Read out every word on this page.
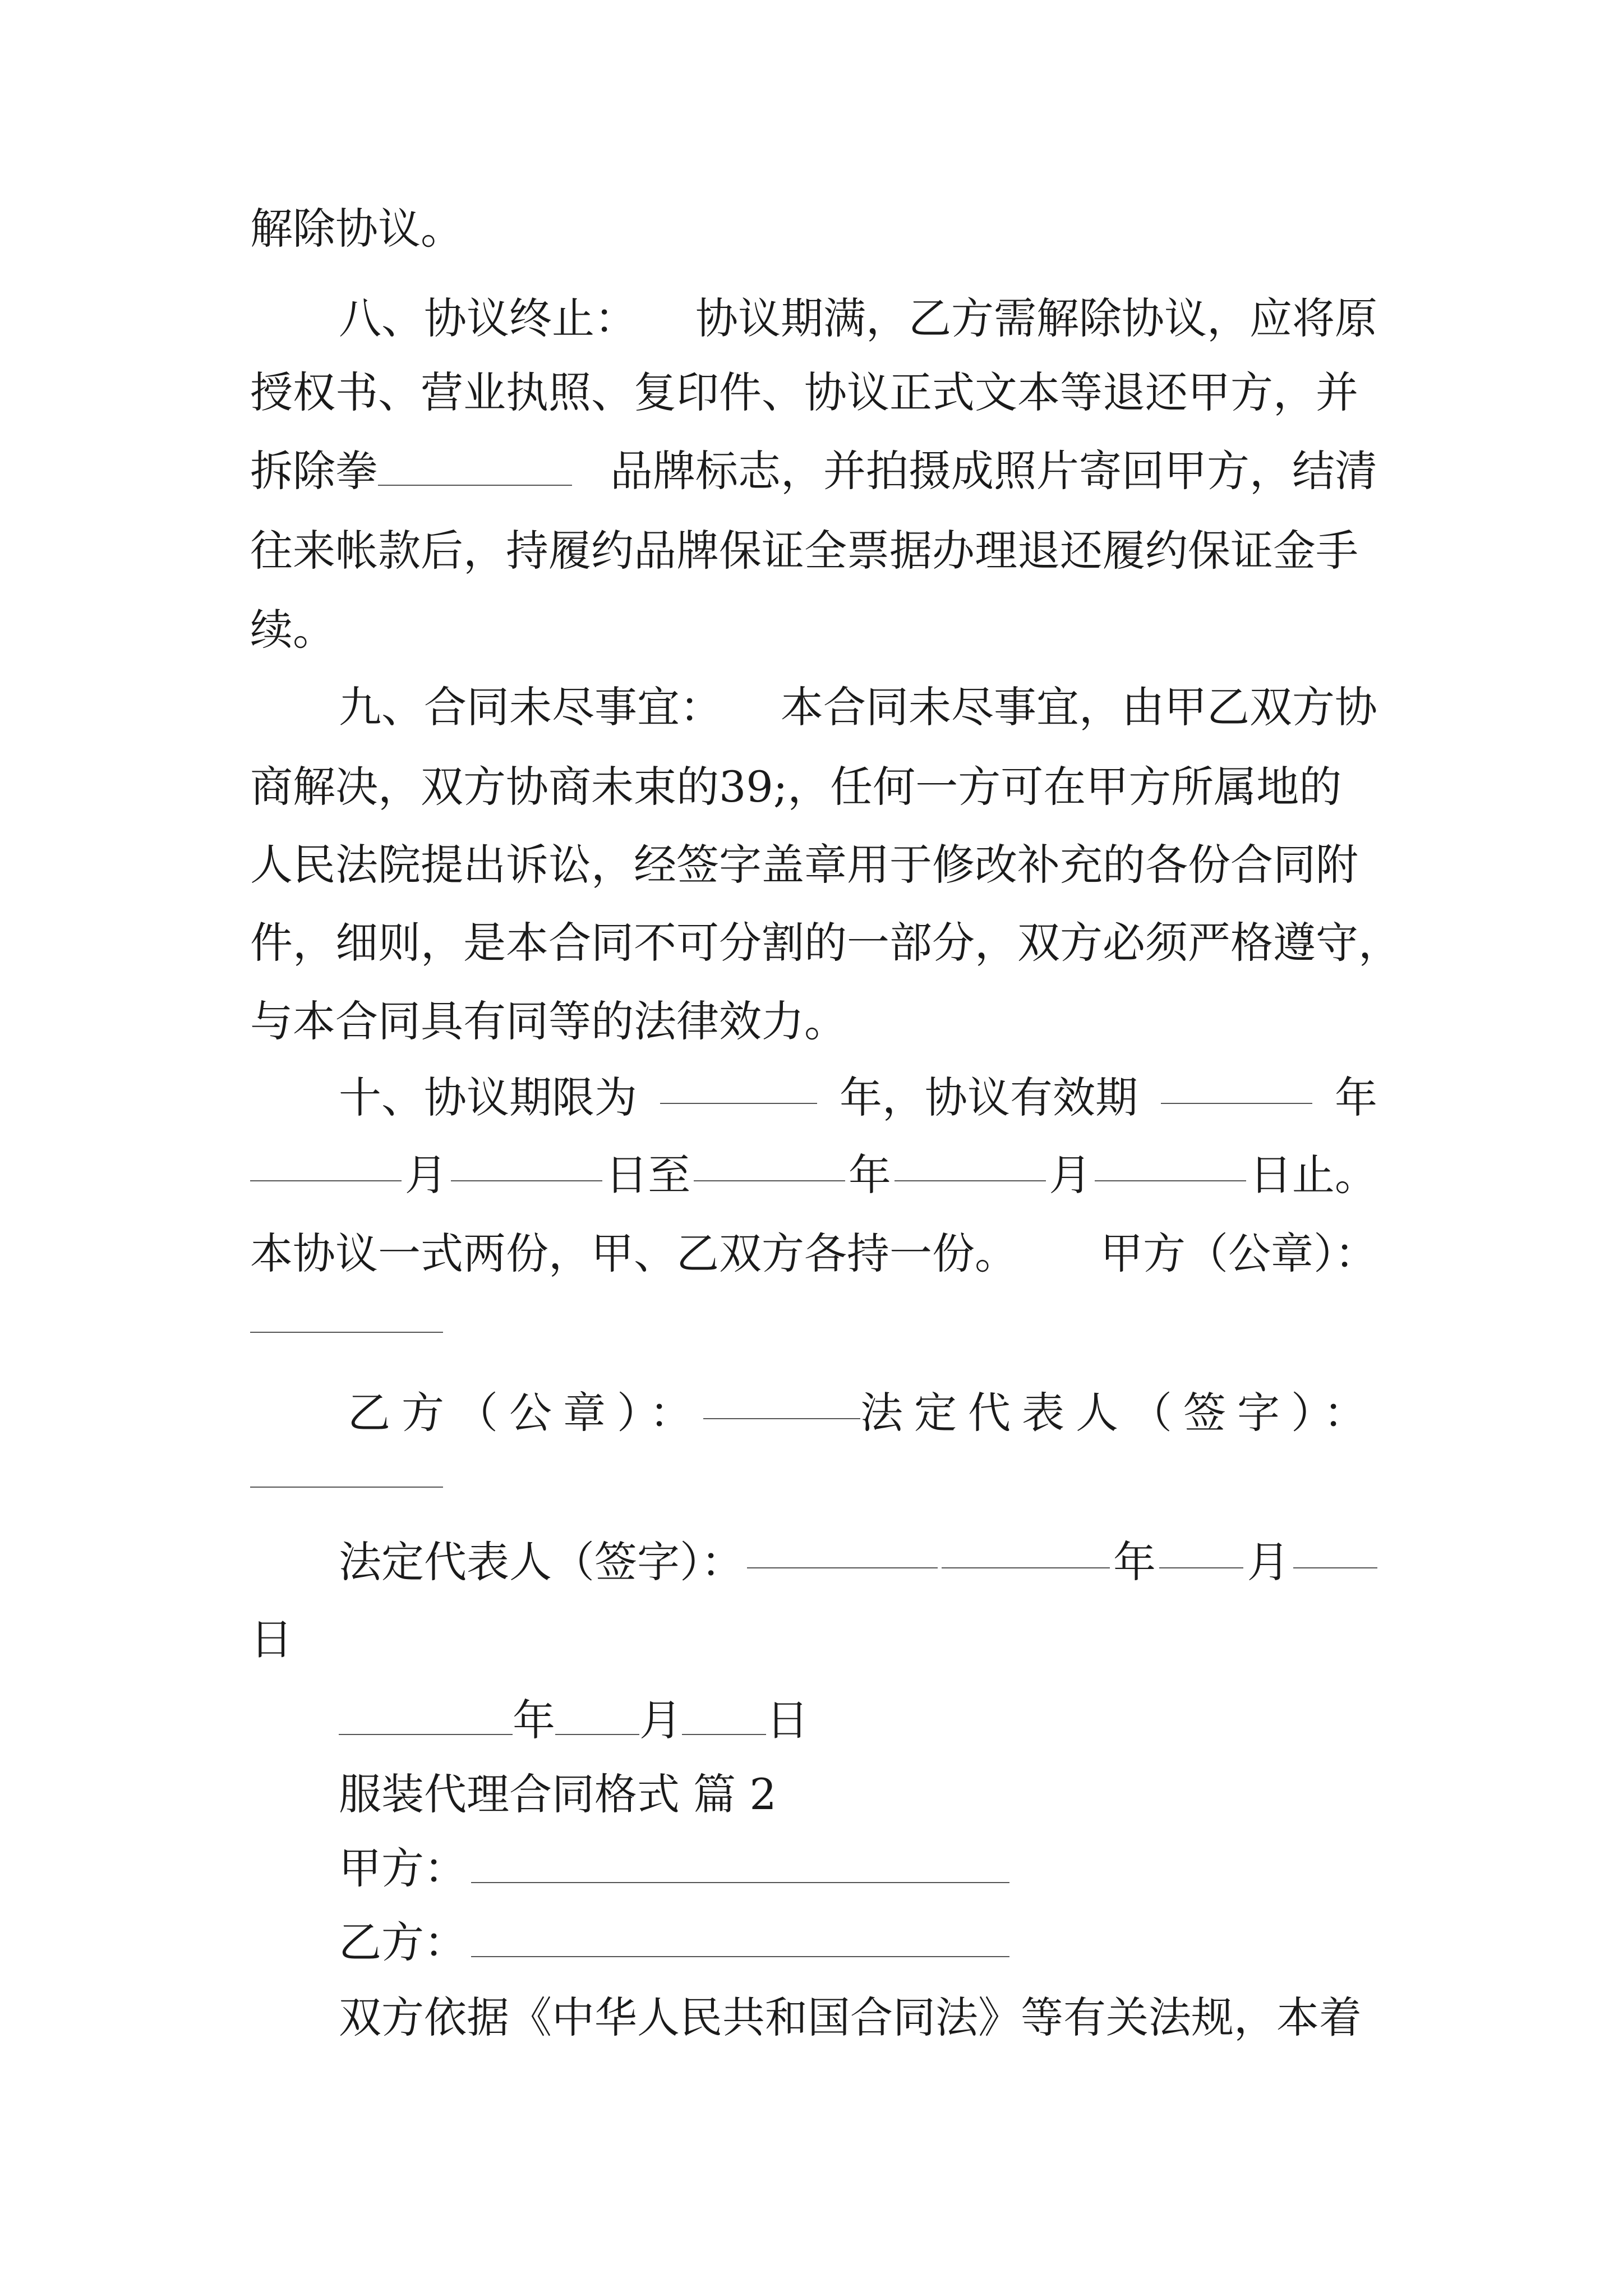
解除协议。
八、协议终止： 协议期满，乙方需解除协议，应将原
授权书、营业执照、复印件、协议正式文本等退还甲方，并
拆除拳	品牌标志，并拍摄成照片寄回甲方，结清
往来帐款后，持履约品牌保证全票据办理退还履约保证金手
续。
九、合同未尽事宜： 本合同未尽事宜，由甲乙双方协
商解决，双方协商未束的39;，任何一方可在甲方所属地的
人民法院提出诉讼，经签字盖章用于修改补充的各份合同附
件，细则，是本合同不可分割的一部分，双方必须严格遵守，
与本合同具有同等的法律效力。
十、协议期限为	年，协议有效期	年
月	日至	年	月	日止。
本协议一式两份，甲、乙双方各持一份。 甲方（公章）：
乙方（公章）：	法定代表人（签字）：
法定代表人（签字）：	年 月
日
年 月 日
服装代理合同格式 篇 2
甲方：
乙方：
双方依据《中华人民共和国合同法》等有关法规，本着
